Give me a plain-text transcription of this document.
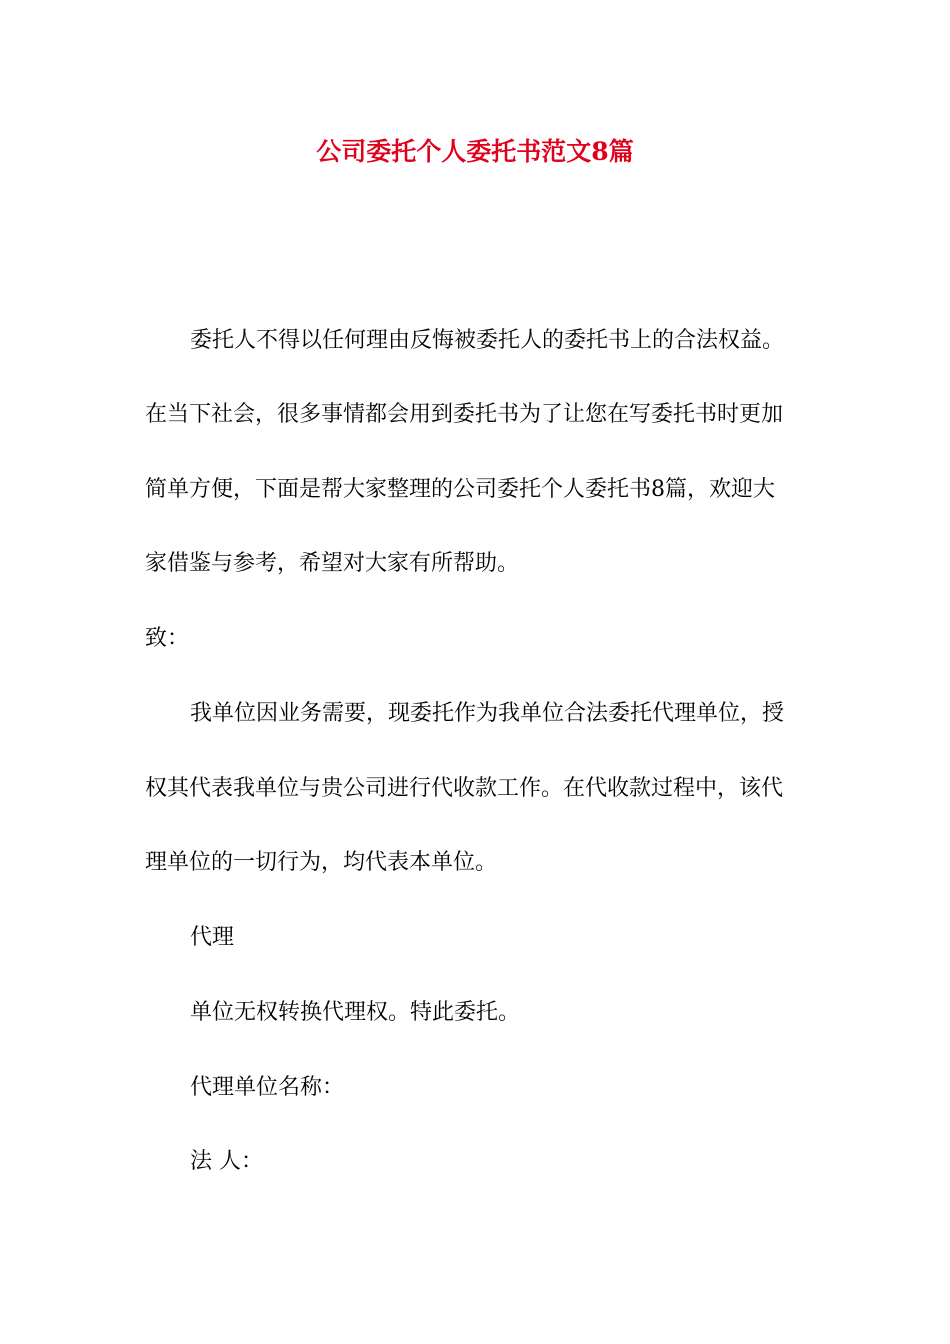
公司委托个人委托书范文8篇
委托人不得以任何理由反悔被委托人的委托书上的合法权益。
在当下社会，很多事情都会用到委托书为了让您在写委托书时更加
简单方便，下面是帮大家整理的公司委托个人委托书8篇，欢迎大
家借鉴与参考，希望对大家有所帮助。
致：
我单位因业务需要，现委托作为我单位合法委托代理单位，授
权其代表我单位与贵公司进行代收款工作。在代收款过程中，该代
理单位的一切行为，均代表本单位。
代理
单位无权转换代理权。特此委托。
代理单位名称：
法 人：
